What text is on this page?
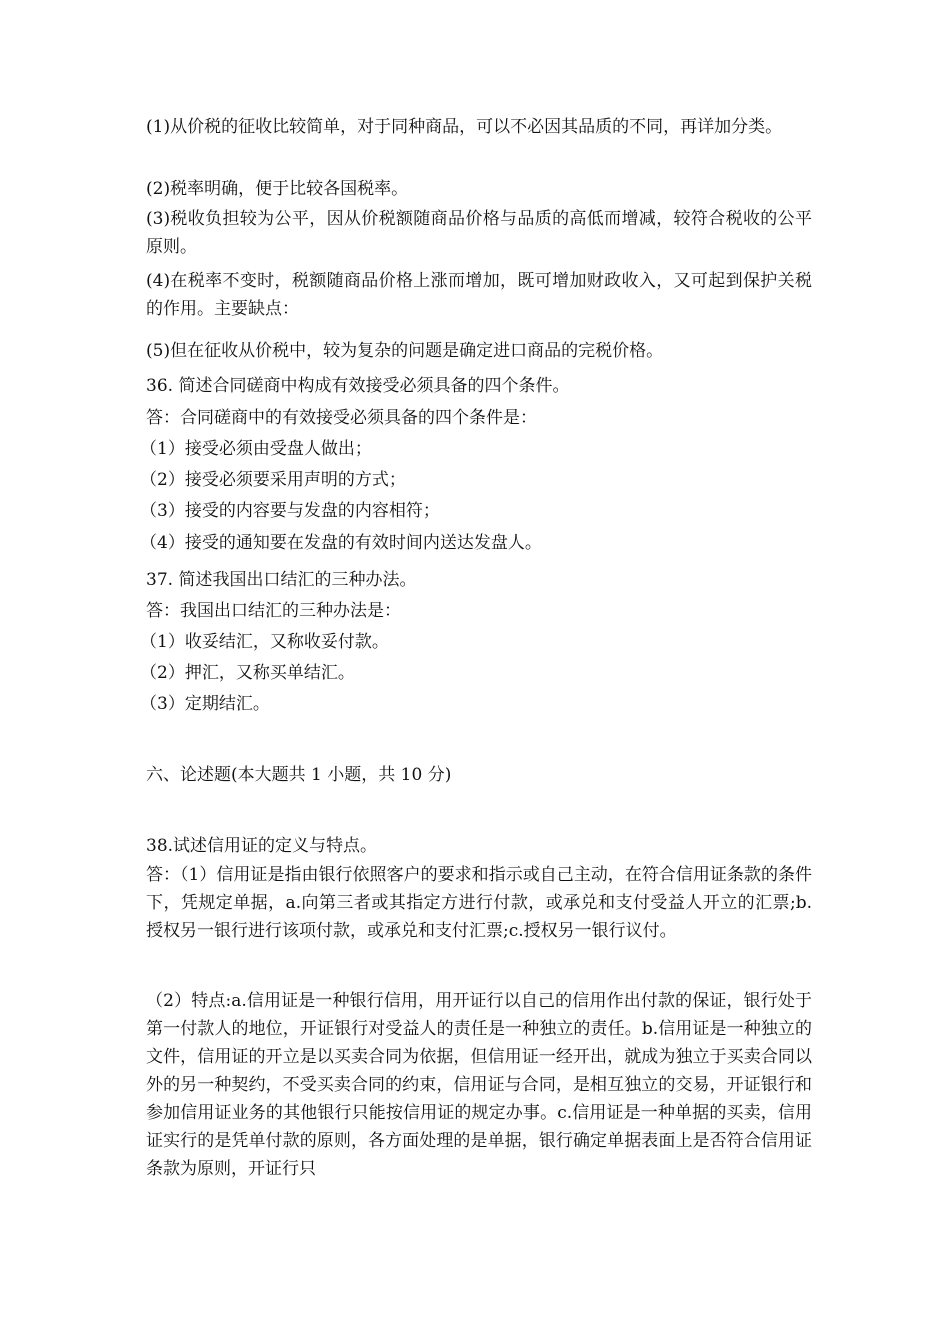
(1)从价税的征收比较简单，对于同种商品，可以不必因其品质的不同，再详加分类。

(2)税率明确，便于比较各国税率。

(3)税收负担较为公平，因从价税额随商品价格与品质的高低而增减，较符合税收的公平原则。

(4)在税率不变时，税额随商品价格上涨而增加，既可增加财政收入，又可起到保护关税的作用。主要缺点：

(5)但在征收从价税中，较为复杂的问题是确定进口商品的完税价格。

36. 简述合同磋商中构成有效接受必须具备的四个条件。

答：合同磋商中的有效接受必须具备的四个条件是：

（1）接受必须由受盘人做出；

（2）接受必须要采用声明的方式；

（3）接受的内容要与发盘的内容相符；

（4）接受的通知要在发盘的有效时间内送达发盘人。

37. 简述我国出口结汇的三种办法。

答：我国出口结汇的三种办法是：

（1）收妥结汇，又称收妥付款。

（2）押汇，又称买单结汇。

（3）定期结汇。

六、论述题(本大题共 1 小题，共 10 分)

38.试述信用证的定义与特点。

答：（1）信用证是指由银行依照客户的要求和指示或自己主动，在符合信用证条款的条件下，凭规定单据，a.向第三者或其指定方进行付款，或承兑和支付受益人开立的汇票;b.授权另一银行进行该项付款，或承兑和支付汇票;c.授权另一银行议付。

（2）特点:a.信用证是一种银行信用，用开证行以自己的信用作出付款的保证，银行处于第一付款人的地位，开证银行对受益人的责任是一种独立的责任。b.信用证是一种独立的文件，信用证的开立是以买卖合同为依据，但信用证一经开出，就成为独立于买卖合同以外的另一种契约，不受买卖合同的约束，信用证与合同，是相互独立的交易，开证银行和参加信用证业务的其他银行只能按信用证的规定办事。c.信用证是一种单据的买卖，信用证实行的是凭单付款的原则，各方面处理的是单据，银行确定单据表面上是否符合信用证条款为原则，开证行只
